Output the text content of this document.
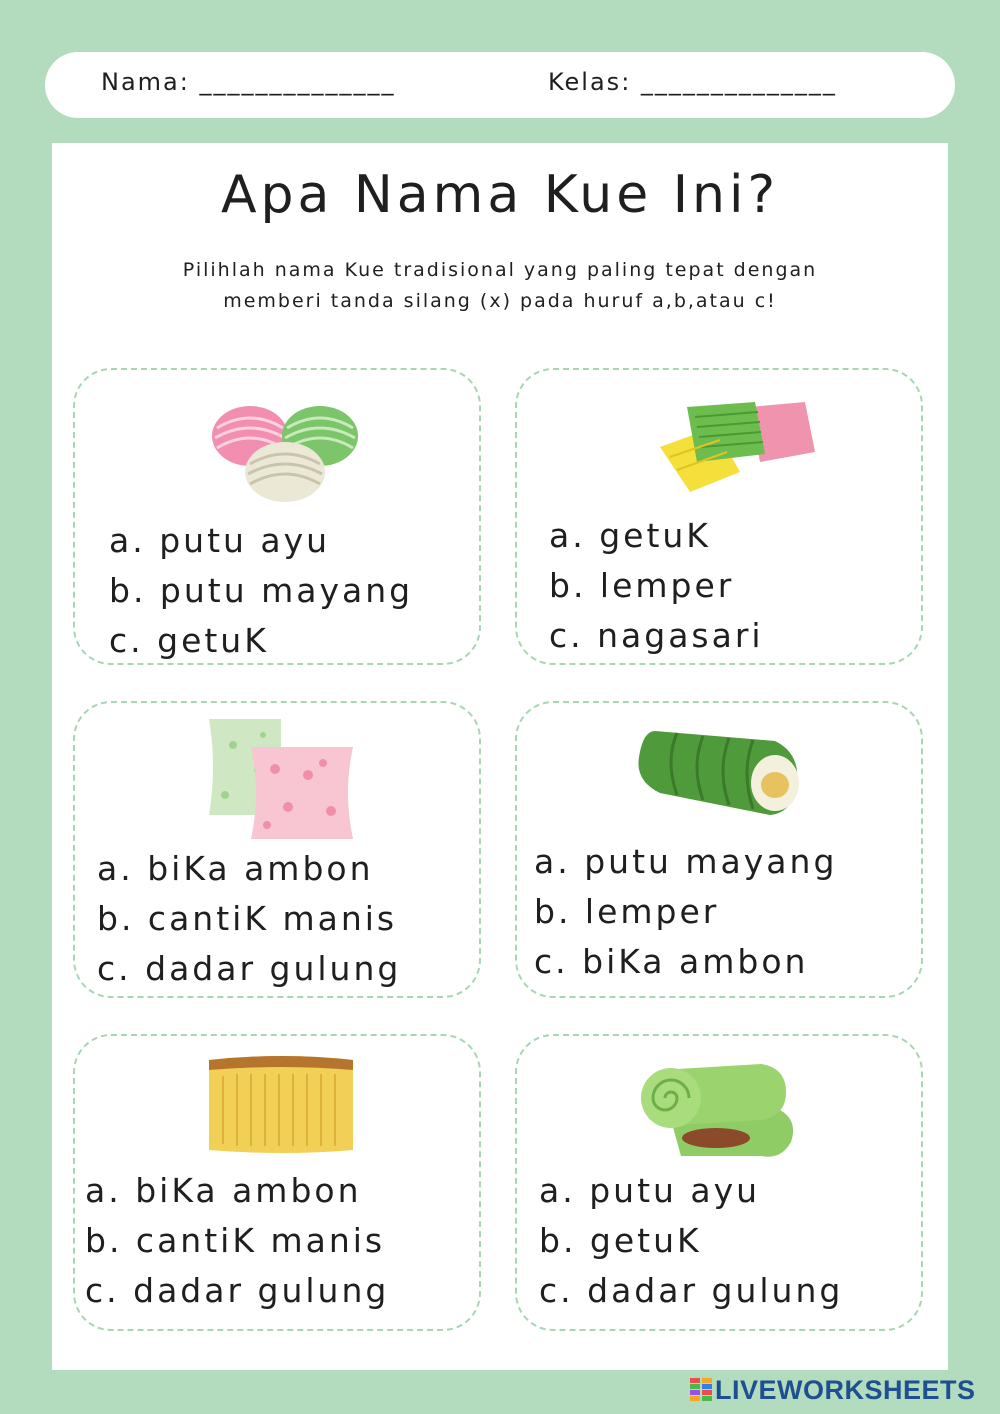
Nama: ______________	Kelas: ______________
Apa Nama Kue Ini?
Pilihlah nama Kue tradisional yang paling tepat dengan memberi tanda silang (x) pada huruf a,b,atau c!
a. putu ayu
b. putu mayang
c. getuK
a. getuK
b. lemper
c. nagasari
a. biKa ambon
b. cantiK manis
c. dadar gulung
a. putu mayang
b. lemper
c. biKa ambon
a. biKa ambon
b. cantiK manis
c. dadar gulung
a. putu ayu
b. getuK
c. dadar gulung
LIVEWORKSHEETS
